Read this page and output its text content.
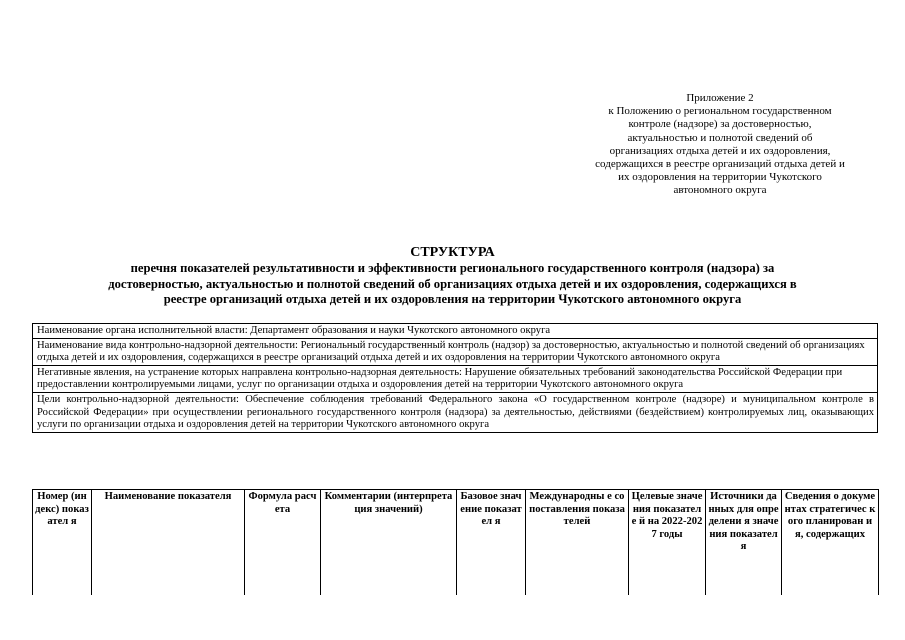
Приложение 2
к Положению о региональном государственном
контроле (надзоре) за достоверностью,
актуальностью и полнотой сведений об
организациях отдыха детей и их оздоровления,
содержащихся в реестре организаций отдыха детей и
их оздоровления на территории Чукотского
автономного округа
СТРУКТУРА
перечня показателей результативности и эффективности регионального государственного контроля (надзора) за
достоверностью, актуальностью и полнотой сведений об организациях отдыха детей и их оздоровления, содержащихся в
реестре организаций отдыха детей и их оздоровления на территории Чукотского автономного округа
Наименование органа исполнительной власти: Департамент образования и науки Чукотского автономного округа
Наименование вида контрольно-надзорной деятельности: Региональный государственный контроль (надзор) за достоверностью, актуальностью и полнотой сведений об организациях отдыха детей и их оздоровления, содержащихся в реестре организаций отдыха детей и их оздоровления на территории Чукотского автономного округа
Негативные явления, на устранение которых направлена контрольно-надзорная деятельность: Нарушение обязательных требований законодательства Российской Федерации при предоставлении контролируемыми лицами, услуг по организации отдыха и оздоровления детей на территории Чукотского автономного округа
Цели контрольно-надзорной деятельности: Обеспечение соблюдения требований Федерального закона «О государственном контроле (надзоре) и муниципальном контроле в Российской Федерации» при осуществлении регионального государственного контроля (надзора) за деятельностью, действиями (бездействием) контролируемых лиц, оказывающих услуги по организации отдыха и оздоровления детей на территории Чукотского автономного округа
Номер (индекс) показател я	Наименование показателя	Формула расчета	Комментарии (интерпретация значений)	Базовое значение показател я	Международны е сопоставления показателей	Целевые значения показателе й на 2022-2027 годы	Источники данных для определени я значения показателя	Сведения о документах стратегичес кого планирован ия, содержащих
